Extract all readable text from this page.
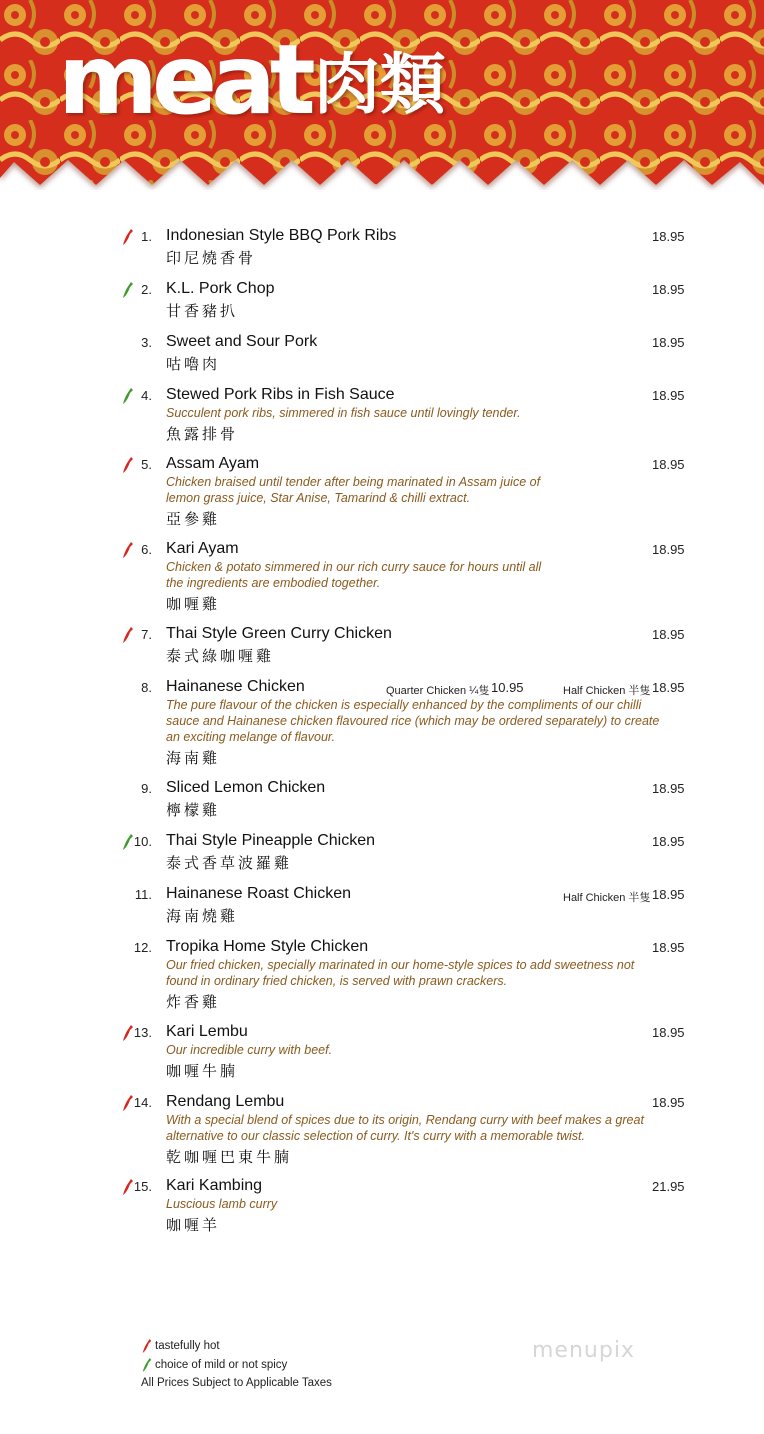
meat 肉類
1. Indonesian Style BBQ Pork Ribs
印尼燒香骨
18.95
2. K.L. Pork Chop
甘香豬扒
18.95
3. Sweet and Sour Pork
咕嚕肉
18.95
4. Stewed Pork Ribs in Fish Sauce
Succulent pork ribs, simmered in fish sauce until lovingly tender.
魚露排骨
18.95
5. Assam Ayam
Chicken braised until tender after being marinated in Assam juice of lemon grass juice, Star Anise, Tamarind & chilli extract.
亞參雞
18.95
6. Kari Ayam
Chicken & potato simmered in our rich curry sauce for hours until all the ingredients are embodied together.
咖喱雞
18.95
7. Thai Style Green Curry Chicken
泰式綠咖喱雞
18.95
8. Hainanese Chicken	Quarter Chicken ¼隻 10.95	Half Chicken 半隻
The pure flavour of the chicken is especially enhanced by the compliments of our chilli sauce and Hainanese chicken flavoured rice (which may be ordered separately) to create an exciting melange of flavour.
海南雞
18.95
9. Sliced Lemon Chicken
檸檬雞
18.95
10. Thai Style Pineapple Chicken
泰式香草波羅雞
18.95
11. Hainanese Roast Chicken	Half Chicken 半隻
海南燒雞
18.95
12. Tropika Home Style Chicken
Our fried chicken, specially marinated in our home-style spices to add sweetness not found in ordinary fried chicken, is served with prawn crackers.
炸香雞
18.95
13. Kari Lembu
Our incredible curry with beef.
咖喱牛腩
18.95
14. Rendang Lembu
With a special blend of spices due to its origin, Rendang curry with beef makes a great alternative to our classic selection of curry. It's curry with a memorable twist.
乾咖喱巴東牛腩
18.95
15. Kari Kambing
Luscious lamb curry
咖喱羊
21.95
tastefully hot
choice of mild or not spicy
All Prices Subject to Applicable Taxes
menupix
